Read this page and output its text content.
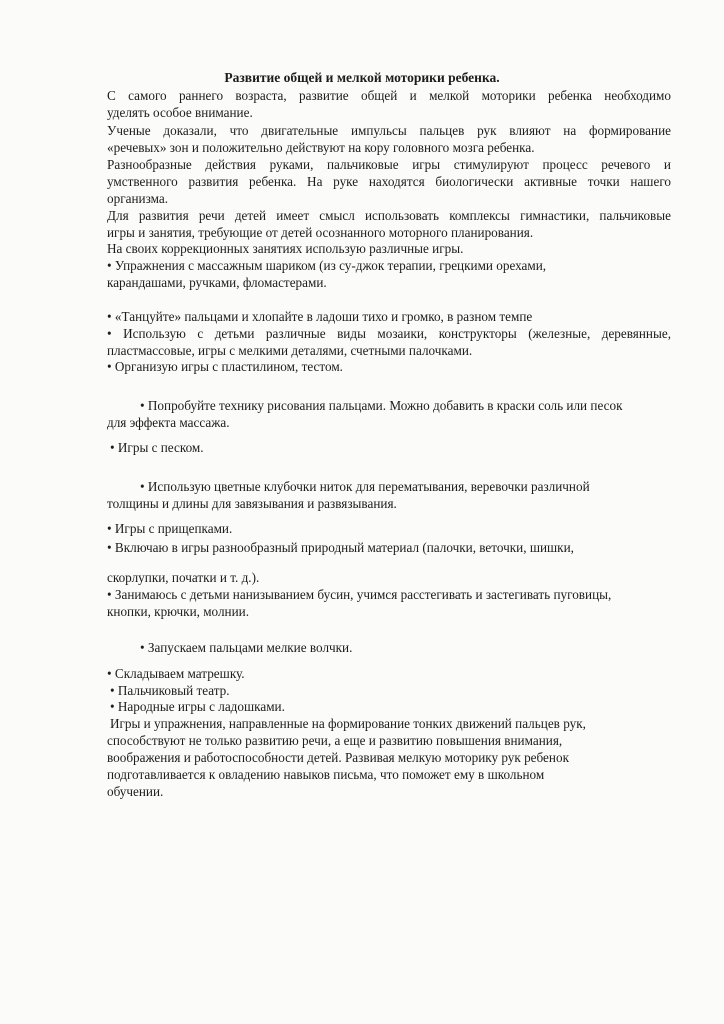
Развитие общей и мелкой моторики ребенка.
С самого раннего возраста, развитие общей и мелкой моторики ребенка необходимо
уделять особое внимание.
Ученые доказали, что двигательные импульсы пальцев рук влияют на формирование
«речевых» зон и положительно действуют на кору головного мозга ребенка.
Разнообразные действия руками, пальчиковые игры стимулируют процесс речевого и
умственного развития ребенка. На руке находятся биологически активные точки нашего
организма.
Для развития речи детей имеет смысл использовать комплексы гимнастики, пальчиковые
игры и занятия, требующие от детей осознанного моторного планирования.
На своих коррекционных занятиях использую различные игры.
• Упражнения с массажным шариком (из су-джок терапии, грецкими орехами,
карандашами, ручками, фломастерами.
• «Танцуйте» пальцами и хлопайте в ладоши тихо и громко, в разном темпе
• Использую с детьми различные виды мозаики, конструкторы (железные, деревянные,
пластмассовые, игры с мелкими деталями, счетными палочками.
• Организую игры с пластилином, тестом.
• Попробуйте технику рисования пальцами. Можно добавить в краски соль или песок
для эффекта массажа.
• Игры с песком.
• Использую цветные клубочки ниток для перематывания, веревочки различной
толщины и длины для завязывания и развязывания.
• Игры с прищепками.
• Включаю в игры разнообразный природный материал (палочки, веточки, шишки,
скорлупки, початки и т. д.).
• Занимаюсь с детьми нанизыванием бусин, учимся расстегивать и застегивать пуговицы,
кнопки, крючки, молнии.
• Запускаем пальцами мелкие волчки.
• Складываем матрешку.
• Пальчиковый театр.
• Народные игры с ладошками.
Игры и упражнения, направленные на формирование тонких движений пальцев рук,
способствуют не только развитию речи, а еще и развитию повышения внимания,
воображения и работоспособности детей. Развивая мелкую моторику рук ребенок
подготавливается к овладению навыков письма, что поможет ему в школьном
обучении.
